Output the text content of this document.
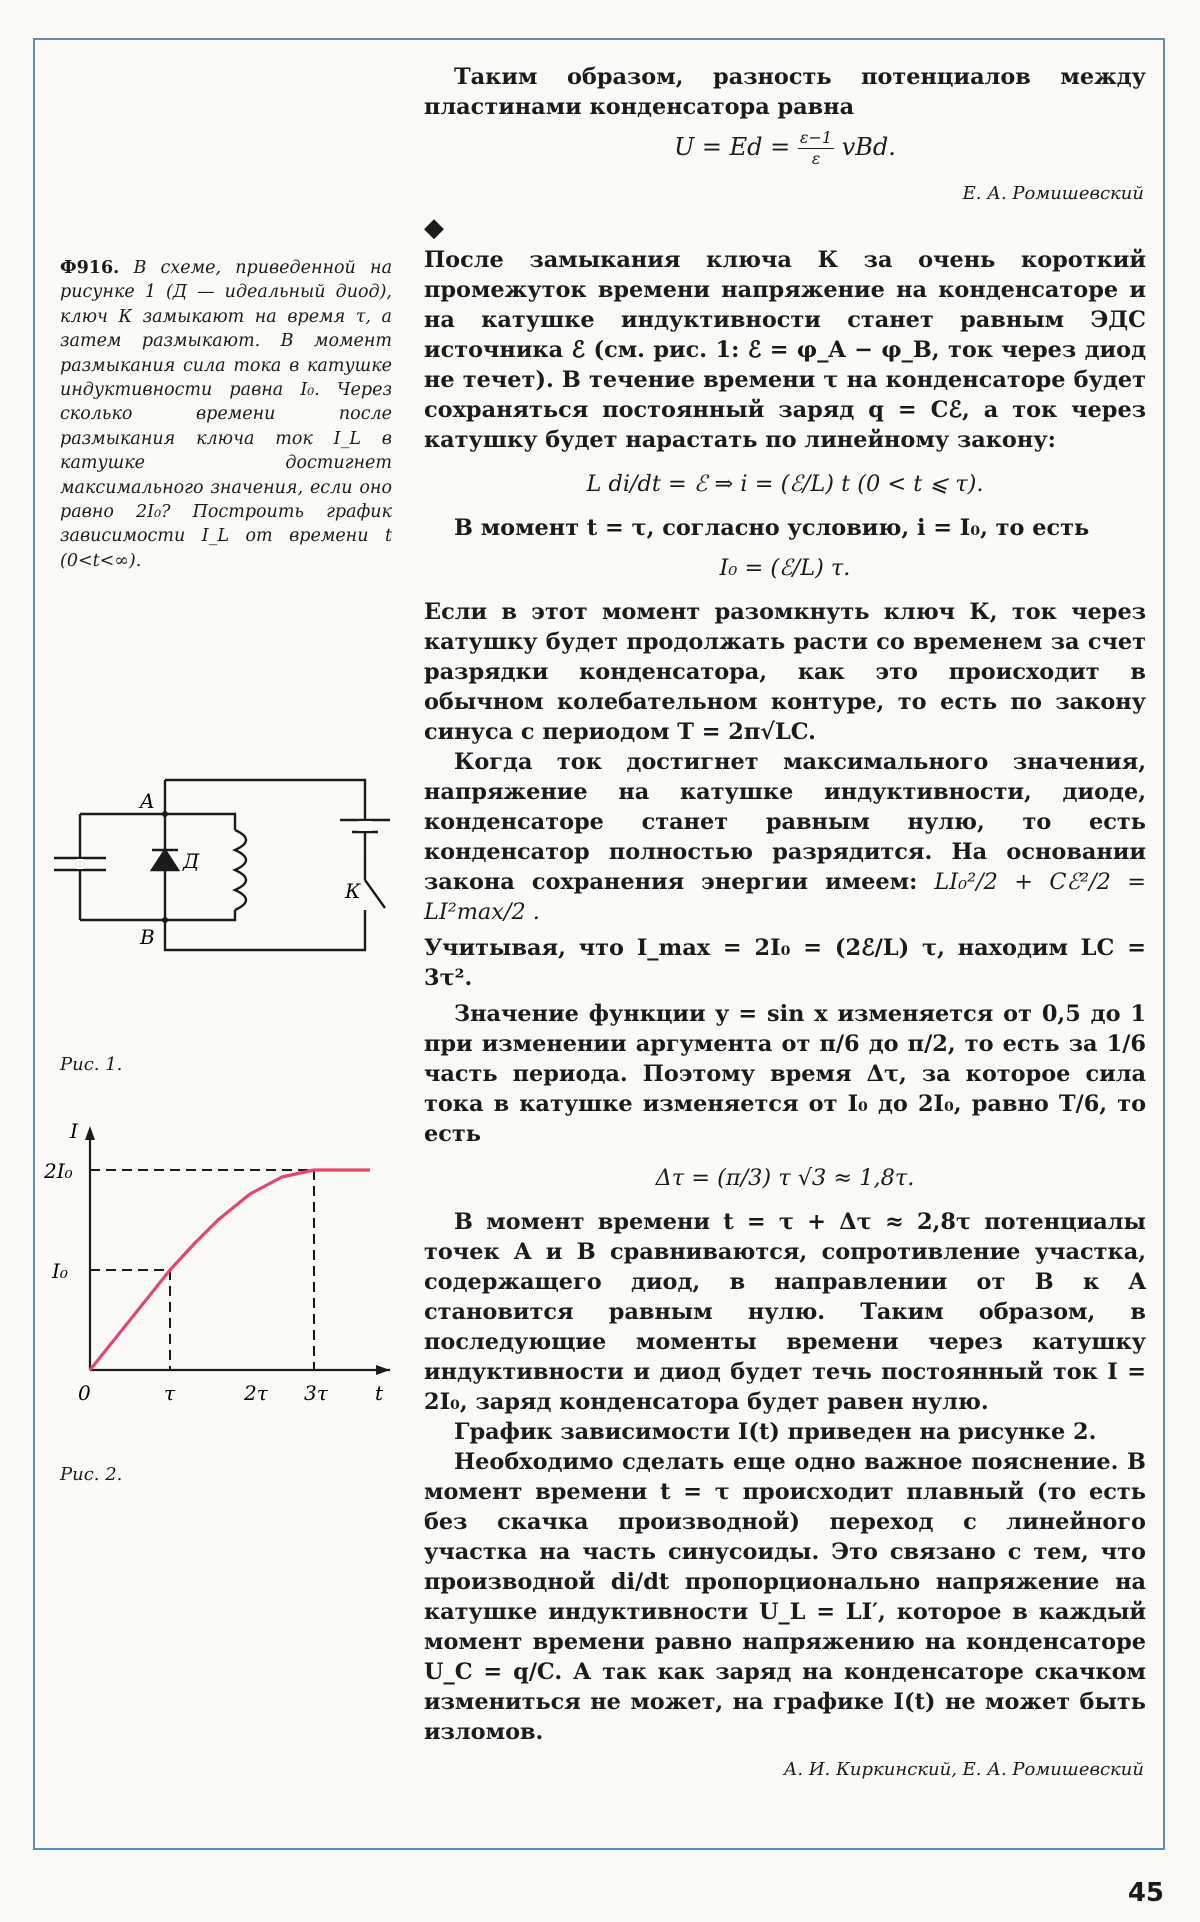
Таким образом, разность потенциалов между пластинами конденсатора равна

$U = Ed = \frac{\varepsilon-1}{\varepsilon}$ vBd.
Е. А. Ромишевский
◆

После замыкания ключа К за очень короткий промежуток времени напряжение на конденсаторе и на катушке индуктивности станет равным ЭДС источника ℰ (см. рис. 1: ℰ = φ_A − φ_B, ток через диод не течет). В течение времени τ на конденсаторе будет сохраняться постоянный заряд q = Cℰ, а ток через катушку будет нарастать по линейному закону:

L di/dt = ℰ ⇒ i = (ℰ/L) t (0 < t ⩽ τ).

В момент t = τ, согласно условию, i = I₀, то есть

I₀ = (ℰ/L) τ.

Если в этот момент разомкнуть ключ К, ток через катушку будет продолжать расти со временем за счет разрядки конденсатора, как это происходит в обычном колебательном контуре, то есть по закону синуса с периодом T = 2π√LC.

Когда ток достигнет максимального значения, напряжение на катушке индуктивности, диоде, конденсаторе станет равным нулю, то есть конденсатор полностью разрядится. На основании закона сохранения энергии имеем: LI₀²/2 + Cℰ²/2 = LI²max/2 .

Учитывая, что I_max = 2I₀ = (2ℰ/L) τ, находим LC = 3τ².

Значение функции y = sin x изменяется от 0,5 до 1 при изменении аргумента от π/6 до π/2, то есть за 1/6 часть периода. Поэтому время Δτ, за которое сила тока в катушке изменяется от I₀ до 2I₀, равно T/6, то есть

Δτ = (π/3) τ √3 ≈ 1,8τ.

В момент времени t = τ + Δτ ≈ 2,8τ потенциалы точек A и B сравниваются, сопротивление участка, содержащего диод, в направлении от B к A становится равным нулю. Таким образом, в последующие моменты времени через катушку индуктивности и диод будет течь постоянный ток I = 2I₀, заряд конденсатора будет равен нулю.

График зависимости I(t) приведен на рисунке 2.

Необходимо сделать еще одно важное пояснение. В момент времени t = τ происходит плавный (то есть без скачка производной) переход с линейного участка на часть синусоиды. Это связано с тем, что производной di/dt пропорционально напряжение на катушке индуктивности U_L = LI′, которое в каждый момент времени равно напряжению на конденсаторе U_C = q/C. А так как заряд на конденсаторе скачком измениться не может, на графике I(t) не может быть изломов.

А. И. Киркинский, Е. А. Ромишевский
Ф916. В схеме, приведенной на рисунке 1 (Д — идеальный диод), ключ К замыкают на время τ, а затем размыкают. В момент размыкания сила тока в катушке индуктивности равна I₀. Через сколько времени после размыкания ключа ток I_L в катушке достигнет максимального значения, если оно равно 2I₀? Построить график зависимости I_L от времени t (0<t<∞).
A
B
Д
К
Рис. 1.
I
t
2I₀
I₀
0	τ	2τ 3τ
Рис. 2.
45
